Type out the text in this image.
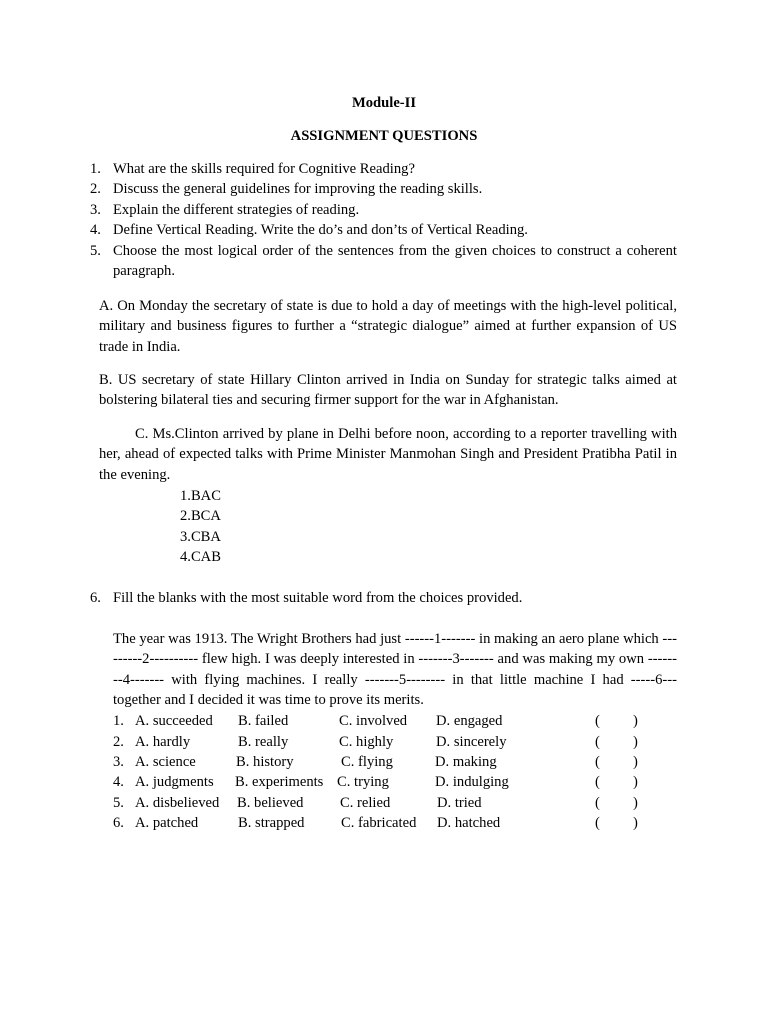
Module-II
ASSIGNMENT QUESTIONS
1. What are the skills required for Cognitive Reading?
2. Discuss the general guidelines for improving the reading skills.
3. Explain the different strategies of reading.
4. Define Vertical Reading. Write the do’s and don’ts of Vertical Reading.
5. Choose the most logical order of the sentences from the given choices to construct a coherent paragraph.
A. On Monday the secretary of state is due to hold a day of meetings with the high-level political, military and business figures to further a “strategic dialogue” aimed at further expansion of US trade in India.
B. US secretary of state Hillary Clinton arrived in India on Sunday for strategic talks aimed at bolstering bilateral ties and securing firmer support for the war in Afghanistan.
C. Ms.Clinton arrived by plane in Delhi before noon, according to a reporter travelling with her, ahead of expected talks with Prime Minister Manmohan Singh and President Pratibha Patil in the evening.
1.BAC
2.BCA
3.CBA
4.CAB
6. Fill the blanks with the most suitable word from the choices provided.
The year was 1913. The Wright Brothers had just ------1------- in making an aero plane which ---------2---------- flew high. I was deeply interested in -------3------- and was making my own --------4------- with flying machines. I really -------5-------- in that little machine I had -----6--- together and I decided it was time to prove its merits.
1. A. succeeded B. failed	C. involved D. engaged	( )
2. A. hardly	B. really	C. highly	D. sincerely	( )
3. A. science	B. history	C. flying	D. making	( )
4. A. judgments B. experiments C. trying	D. indulging	( )
5. A. disbelieved B. believed	C. relied	D. tried	( )
6. A. patched	B. strapped	C. fabricated D. hatched	( )
